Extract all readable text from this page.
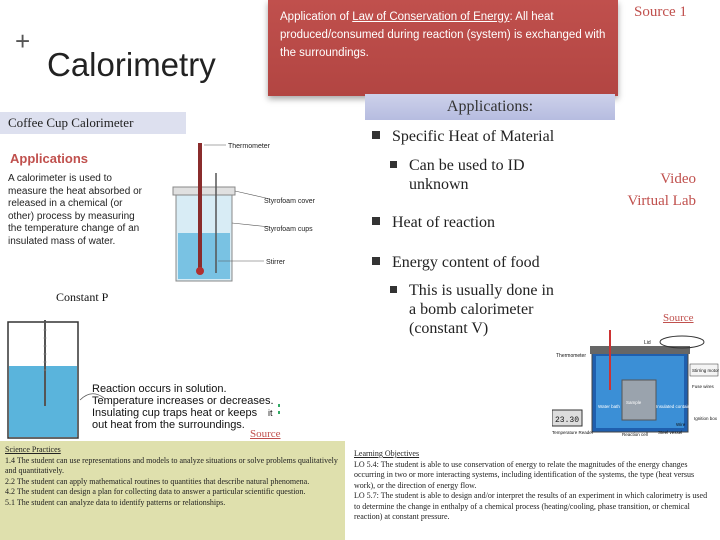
+
Calorimetry
Application of Law of Conservation of Energy: All heat produced/consumed during reaction (system) is exchanged with the surroundings.
Source 1
Applications:
Coffee Cup Calorimeter
Applications
A calorimeter is used to measure the heat absorbed or released in a chemical (or other) process by measuring the temperature change of an insulated mass of water.
Thermometer
Styrofoam cover
Styrofoam cups
Stirrer
Constant P
Reaction occurs in solution.
Temperature increases or decreases.
Insulating cup traps heat or keeps
out heat from the surroundings.
it
Source
Specific Heat of Material
Can be used to ID
unknown
Heat of reaction
Energy content of food
This is usually done in
a bomb calorimeter
(constant V)
Video
Virtual Lab
Source
23.30
Thermometer
Lid
Stirring motor
Fuse wires
Water bath
Sample
Insulated container
Temperature Reader	Reaction cell
Wire
Ignition box
Steel vessel
Science Practices
1.4 The student can use representations and models to analyze situations or solve problems qualitatively and quantitatively.
2.2 The student can apply mathematical routines to quantities that describe natural phenomena.
4.2 The student can design a plan for collecting data to answer a particular scientific question.
5.1 The student can analyze data to identify patterns or relationships.
Learning Objectives
LO 5.4: The student is able to use conservation of energy to relate the magnitudes of the energy changes occurring in two or more interacting systems, including identification of the systems, the type (heat versus work), or the direction of energy flow.
LO 5.7: The student is able to design and/or interpret the results of an experiment in which calorimetry is used to determine the change in enthalpy of a chemical process (heating/cooling, phase transition, or chemical reaction) at constant pressure.
